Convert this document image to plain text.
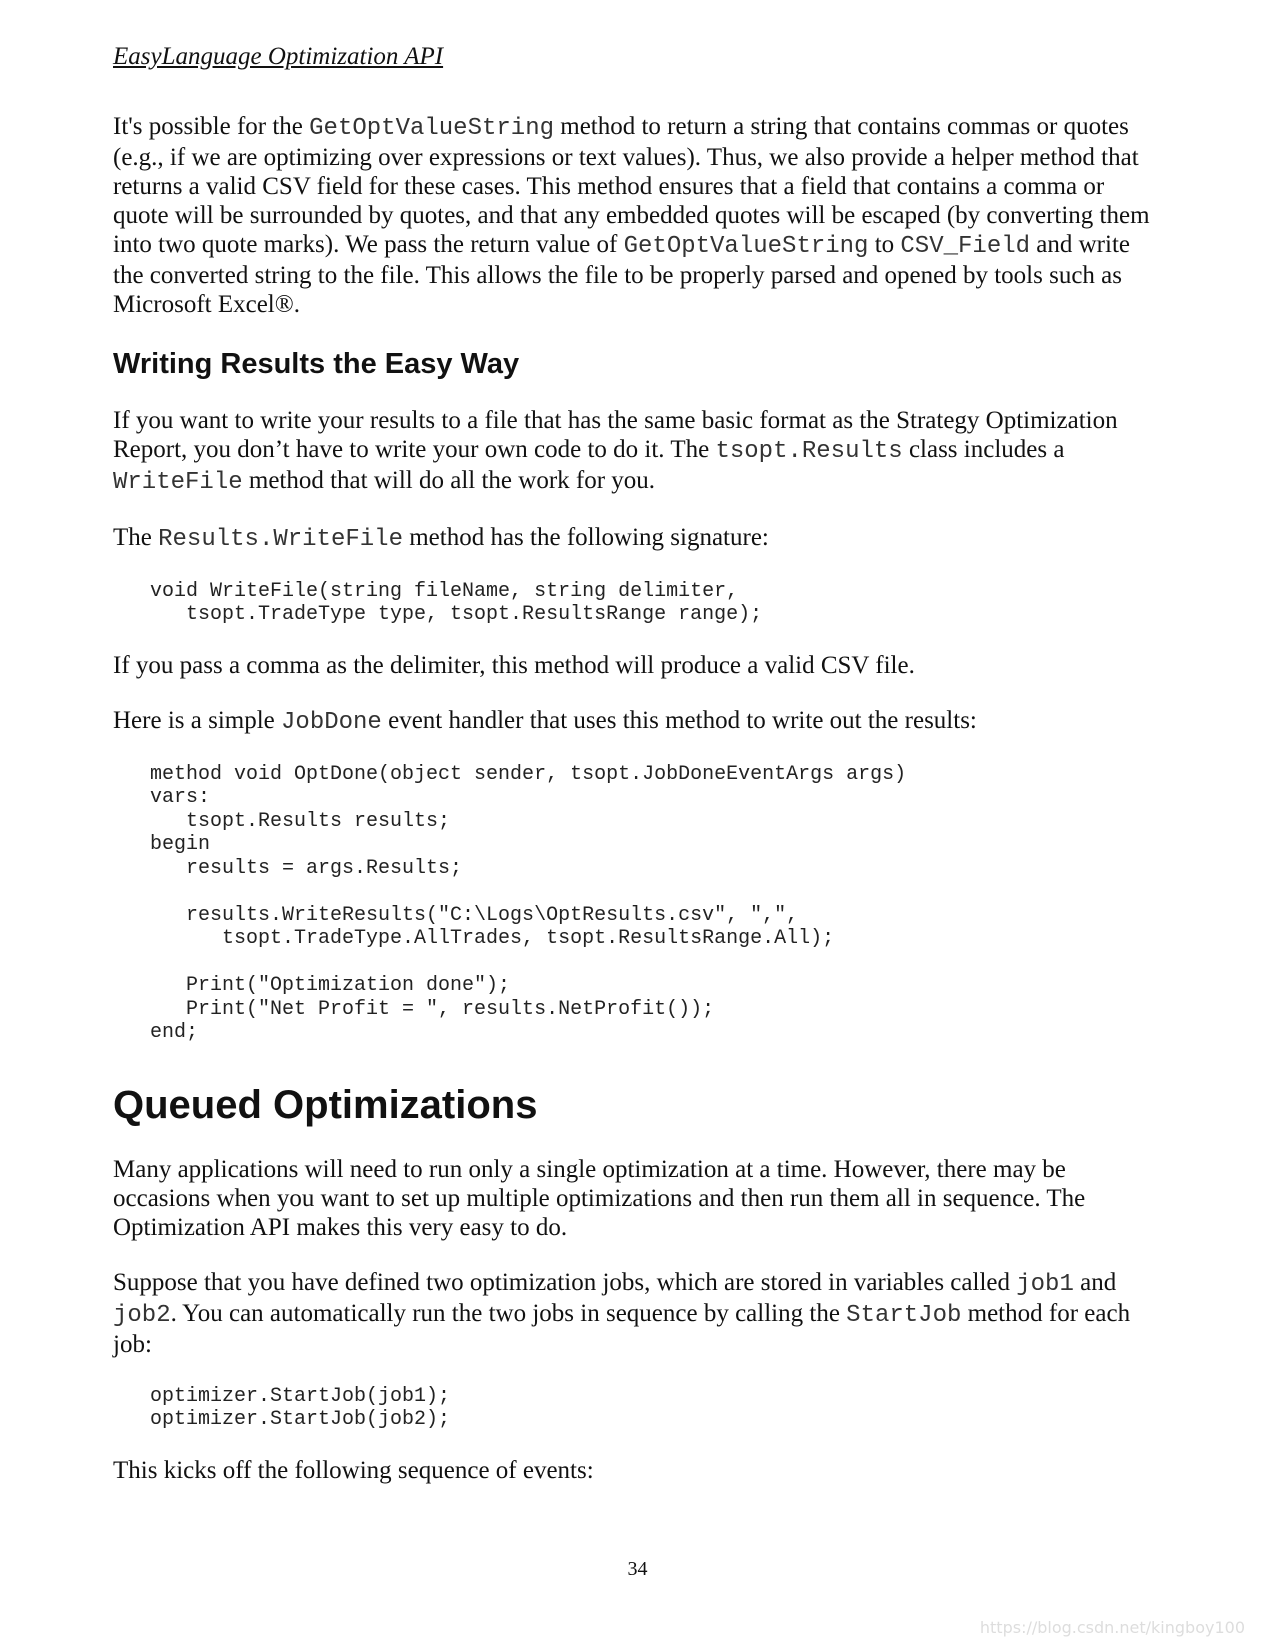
EasyLanguage Optimization API

It's possible for the GetOptValueString method to return a string that contains commas or quotes (e.g., if we are optimizing over expressions or text values). Thus, we also provide a helper method that returns a valid CSV field for these cases. This method ensures that a field that contains a comma or quote will be surrounded by quotes, and that any embedded quotes will be escaped (by converting them into two quote marks). We pass the return value of GetOptValueString to CSV_Field and write the converted string to the file. This allows the file to be properly parsed and opened by tools such as Microsoft Excel®.

Writing Results the Easy Way

If you want to write your results to a file that has the same basic format as the Strategy Optimization Report, you don’t have to write your own code to do it. The tsopt.Results class includes a WriteFile method that will do all the work for you.

The Results.WriteFile method has the following signature:

void WriteFile(string fileName, string delimiter,
tsopt.TradeType type, tsopt.ResultsRange range);

If you pass a comma as the delimiter, this method will produce a valid CSV file.

Here is a simple JobDone event handler that uses this method to write out the results:

method void OptDone(object sender, tsopt.JobDoneEventArgs args)
vars:
tsopt.Results results;
begin
results = args.Results;

results.WriteResults("C:\Logs\OptResults.csv", ",",
tsopt.TradeType.AllTrades, tsopt.ResultsRange.All);

Print("Optimization done");
Print("Net Profit = ", results.NetProfit());
end;
Queued Optimizations

Many applications will need to run only a single optimization at a time. However, there may be occasions when you want to set up multiple optimizations and then run them all in sequence. The Optimization API makes this very easy to do.

Suppose that you have defined two optimization jobs, which are stored in variables called job1 and job2. You can automatically run the two jobs in sequence by calling the StartJob method for each job:

optimizer.StartJob(job1);
optimizer.StartJob(job2);

This kicks off the following sequence of events:

34
https://blog.csdn.net/kingboy100
